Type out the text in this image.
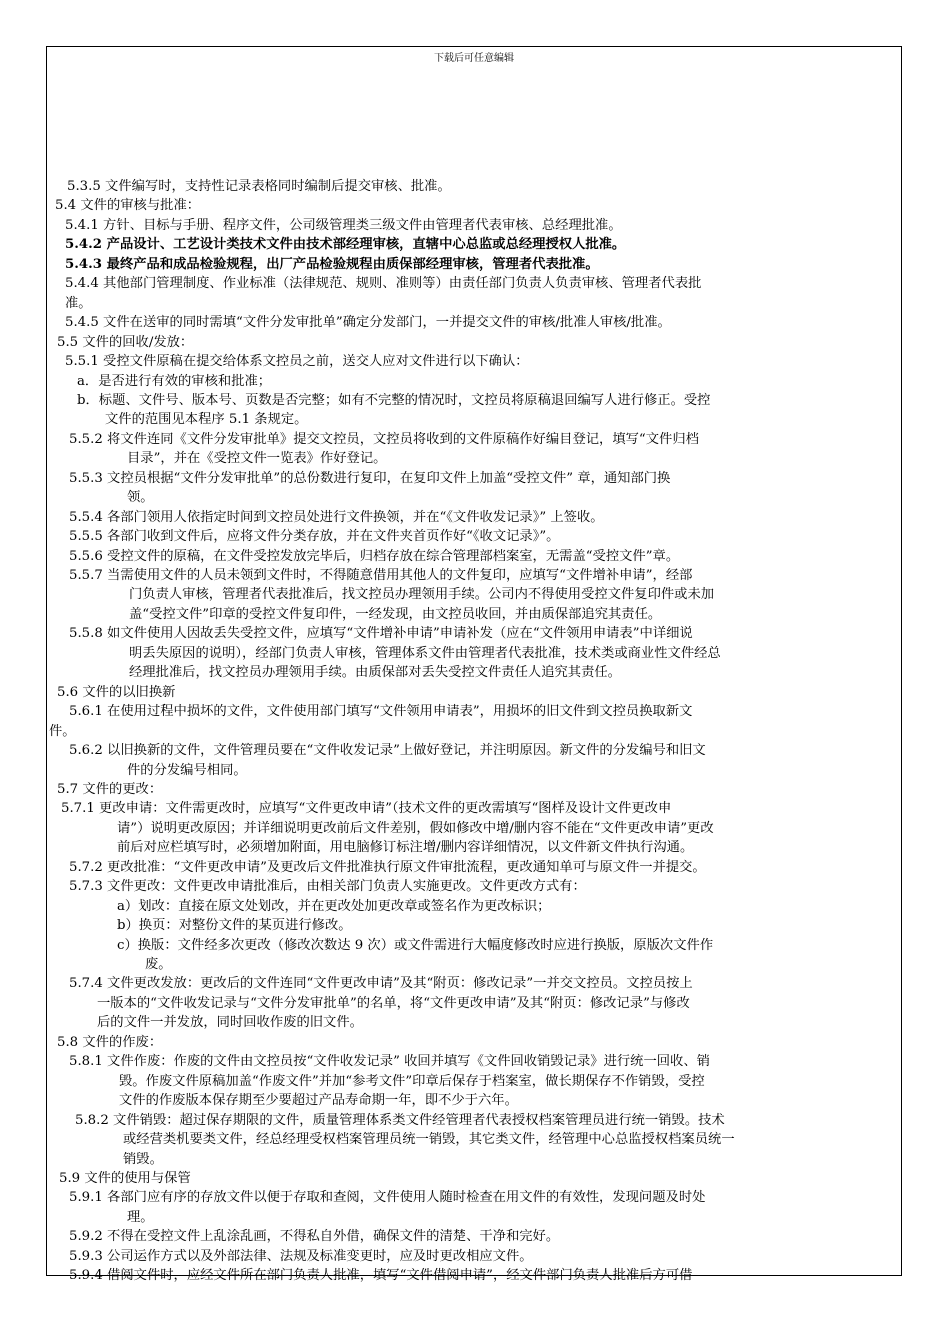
下载后可任意编辑
5.3.5 文件编写时，支持性记录表格同时编制后提交审核、批准。
5.4 文件的审核与批准：
5.4.1 方针、目标与手册、程序文件，公司级管理类三级文件由管理者代表审核、总经理批准。
5.4.2 产品设计、工艺设计类技术文件由技术部经理审核，直辖中心总监或总经理授权人批准。
5.4.3 最终产品和成品检验规程，出厂产品检验规程由质保部经理审核，管理者代表批准。
5.4.4 其他部门管理制度、作业标准（法律规范、规则、准则等）由责任部门负责人负责审核、管理者代表批
准。
5.4.5 文件在送审的同时需填“文件分发审批单”确定分发部门，一并提交文件的审核/批准人审核/批准。
5.5 文件的回收/发放：
5.5.1 受控文件原稿在提交给体系文控员之前，送交人应对文件进行以下确认：
a．是否进行有效的审核和批准；
b．标题、文件号、版本号、页数是否完整；如有不完整的情况时，文控员将原稿退回编写人进行修正。受控
文件的范围见本程序 5.1 条规定。
5.5.2 将文件连同《文件分发审批单》提交文控员，文控员将收到的文件原稿作好编目登记，填写“文件归档
目录”，并在《受控文件一览表》作好登记。
5.5.3 文控员根据“文件分发审批单”的总份数进行复印，在复印文件上加盖“受控文件” 章，通知部门换
领。
5.5.4 各部门领用人依指定时间到文控员处进行文件换领，并在“《文件收发记录》” 上签收。
5.5.5 各部门收到文件后，应将文件分类存放，并在文件夹首页作好“《收文记录》”。
5.5.6 受控文件的原稿，在文件受控发放完毕后，归档存放在综合管理部档案室，无需盖“受控文件”章。
5.5.7 当需使用文件的人员未领到文件时，不得随意借用其他人的文件复印，应填写“文件增补申请”，经部
门负责人审核，管理者代表批准后，找文控员办理领用手续。公司内不得使用受控文件复印件或未加
盖“受控文件”印章的受控文件复印件，一经发现，由文控员收回，并由质保部追究其责任。
5.5.8 如文件使用人因故丢失受控文件，应填写“文件增补申请”申请补发（应在“文件领用申请表”中详细说
明丢失原因的说明），经部门负责人审核，管理体系文件由管理者代表批准，技术类或商业性文件经总
经理批准后，找文控员办理领用手续。由质保部对丢失受控文件责任人追究其责任。
5.6 文件的以旧换新
5.6.1 在使用过程中损坏的文件，文件使用部门填写“文件领用申请表”，用损坏的旧文件到文控员换取新文
件。
5.6.2 以旧换新的文件，文件管理员要在“文件收发记录”上做好登记，并注明原因。新文件的分发编号和旧文
件的分发编号相同。
5.7 文件的更改：
5.7.1 更改申请：文件需更改时，应填写“文件更改申请”（技术文件的更改需填写“图样及设计文件更改申
请”）说明更改原因；并详细说明更改前后文件差别，假如修改中增/删内容不能在“文件更改申请”更改
前后对应栏填写时，必须增加附面，用电脑修订标注增/删内容详细情况，以文件新文件执行沟通。
5.7.2 更改批准：“文件更改申请”及更改后文件批准执行原文件审批流程，更改通知单可与原文件一并提交。
5.7.3 文件更改：文件更改申请批准后，由相关部门负责人实施更改。文件更改方式有：
a）划改：直接在原文处划改，并在更改处加更改章或签名作为更改标识；
b）换页：对整份文件的某页进行修改。
c）换版：文件经多次更改（修改次数达 9 次）或文件需进行大幅度修改时应进行换版，原版次文件作
废。
5.7.4 文件更改发放：更改后的文件连同“文件更改申请”及其“附页：修改记录”一并交文控员。文控员按上
一版本的“文件收发记录与“文件分发审批单”的名单，将“文件更改申请”及其“附页：修改记录”与修改
后的文件一并发放，同时回收作废的旧文件。
5.8 文件的作废：
5.8.1 文件作废：作废的文件由文控员按“文件收发记录” 收回并填写《文件回收销毁记录》进行统一回收、销
毁。作废文件原稿加盖“作废文件”并加“参考文件”印章后保存于档案室，做长期保存不作销毁，受控
文件的作废版本保存期至少要超过产品寿命期一年，即不少于六年。
5.8.2 文件销毁：超过保存期限的文件，质量管理体系类文件经管理者代表授权档案管理员进行统一销毁。技术
或经营类机要类文件，经总经理受权档案管理员统一销毁，其它类文件，经管理中心总监授权档案员统一
销毁。
5.9 文件的使用与保管
5.9.1 各部门应有序的存放文件以便于存取和查阅，文件使用人随时检查在用文件的有效性，发现问题及时处
理。
5.9.2 不得在受控文件上乱涂乱画，不得私自外借，确保文件的清楚、干净和完好。
5.9.3 公司运作方式以及外部法律、法规及标准变更时，应及时更改相应文件。
5.9.4 借阅文件时，应经文件所在部门负责人批准，填写“文件借阅申请”，经文件部门负责人批准后方可借
